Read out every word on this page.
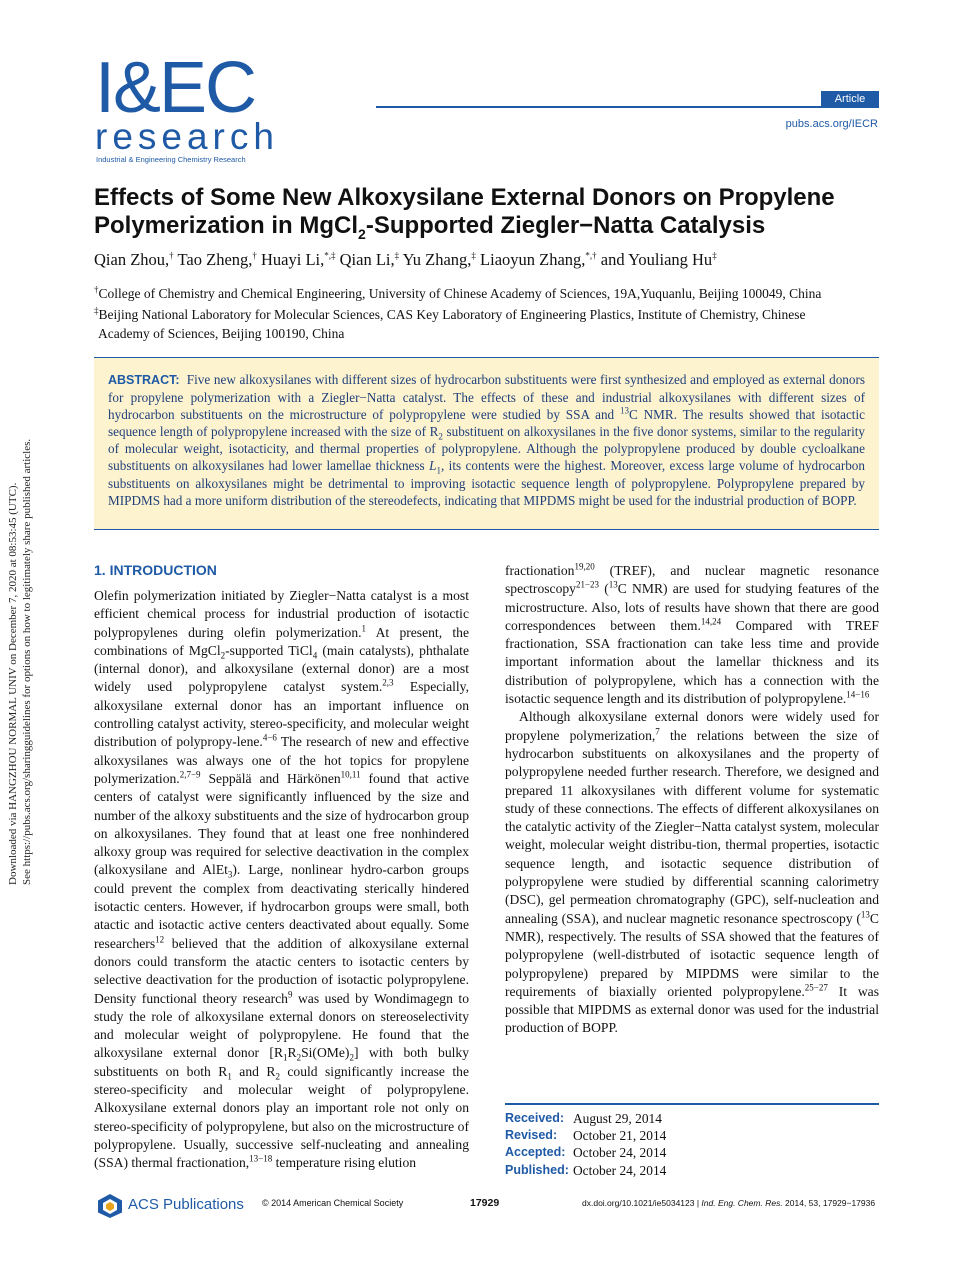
I&EC
research
Industrial & Engineering Chemistry Research
Article
pubs.acs.org/IECR
Effects of Some New Alkoxysilane External Donors on Propylene
Polymerization in MgCl$_2$-Supported Ziegler−Natta Catalysis
Qian Zhou,† Tao Zheng,† Huayi Li,*,‡ Qian Li,‡ Yu Zhang,‡ Liaoyun Zhang,*,† and Youliang Hu‡
†College of Chemistry and Chemical Engineering, University of Chinese Academy of Sciences, 19A,Yuquanlu, Beijing 100049, China
‡Beijing National Laboratory for Molecular Sciences, CAS Key Laboratory of Engineering Plastics, Institute of Chemistry, Chinese
Academy of Sciences, Beijing 100190, China
ABSTRACT: Five new alkoxysilanes with different sizes of hydrocarbon substituents were first synthesized and employed as external donors for propylene polymerization with a Ziegler−Natta catalyst. The effects of these and industrial alkoxysilanes with different sizes of hydrocarbon substituents on the microstructure of polypropylene were studied by SSA and $^{13}$C NMR. The results showed that isotactic sequence length of polypropylene increased with the size of $R_2$ substituent on alkoxysilanes in the five donor systems, similar to the regularity of molecular weight, isotacticity, and thermal properties of polypropylene. Although the polypropylene produced by double cycloalkane substituents on alkoxysilanes had lower lamellae thickness $L_1$, its contents were the highest. Moreover, excess large volume of hydrocarbon substituents on alkoxysilanes might be detrimental to improving isotactic sequence length of polypropylene. Polypropylene prepared by MIPDMS had a more uniform distribution of the stereodefects, indicating that MIPDMS might be used for the industrial production of BOPP.
Downloaded via HANGZHOU NORMAL UNIV on December 7, 2020 at 08:53:45 (UTC). See https://pubs.acs.org/sharingguidelines for options on how to legitimately share published articles.	1. INTRODUCTION

Olefin polymerization initiated by Ziegler−Natta catalyst is a most efficient chemical process for industrial production of isotactic polypropylenes during olefin polymerization.$^1$ At present, the combinations of MgCl$_2$-supported TiCl$_4$ (main catalysts), phthalate (internal donor), and alkoxysilane (external donor) are a most widely used polypropylene catalyst system.$^{2,3}$ Especially, alkoxysilane external donor has an important influence on controlling catalyst activity, stereo-specificity, and molecular weight distribution of polypropy-lene.$^{4-6}$ The research of new and effective alkoxysilanes was always one of the hot topics for propylene polymerization.$^{2,7-9}$ Seppälä and Härkönen$^{10,11}$ found that active centers of catalyst were significantly influenced by the size and number of the alkoxy substituents and the size of hydrocarbon group on alkoxysilanes. They found that at least one free nonhindered alkoxy group was required for selective deactivation in the complex (alkoxysilane and AlEt$_3$). Large, nonlinear hydro-carbon groups could prevent the complex from deactivating sterically hindered isotactic centers. However, if hydrocarbon groups were small, both atactic and isotactic active centers deactivated about equally. Some researchers$^{12}$ believed that the addition of alkoxysilane external donors could transform the atactic centers to isotactic centers by selective deactivation for the production of isotactic polypropylene. Density functional theory research$^9$ was used by Wondimagegn to study the role of alkoxysilane external donors on stereoselectivity and molecular weight of polypropylene. He found that the alkoxysilane external donor $[R_1R_2Si(OMe)_2]$ with both bulky substituents on both $R_1$ and $R_2$ could significantly increase the stereo-specificity and molecular weight of polypropylene. Alkoxysilane external donors play an important role not only on stereo-specificity of polypropylene, but also on the microstructure of polypropylene. Usually, successive self-nucleating and annealing (SSA) thermal fractionation,$^{13-18}$ temperature rising elution

fractionation$^{19,20}$ (TREF), and nuclear magnetic resonance spectroscopy$^{21-23}$ ($^{13}$C NMR) are used for studying features of the microstructure. Also, lots of results have shown that there are good correspondences between them.$^{14,24}$ Compared with TREF fractionation, SSA fractionation can take less time and provide important information about the lamellar thickness and its distribution of polypropylene, which has a connection with the isotactic sequence length and its distribution of polypropylene.$^{14-16}$

Although alkoxysilane external donors were widely used for propylene polymerization,$^7$ the relations between the size of hydrocarbon substituents on alkoxysilanes and the property of polypropylene needed further research. Therefore, we designed and prepared 11 alkoxysilanes with different volume for systematic study of these connections. The effects of different alkoxysilanes on the catalytic activity of the Ziegler−Natta catalyst system, molecular weight, molecular weight distribu-tion, thermal properties, isotactic sequence length, and isotactic sequence distribution of polypropylene were studied by differential scanning calorimetry (DSC), gel permeation chromatography (GPC), self-nucleation and annealing (SSA), and nuclear magnetic resonance spectroscopy ($^{13}$C NMR), respectively. The results of SSA showed that the features of polypropylene (well-distrbuted of isotactic sequence length of polypropylene) prepared by MIPDMS were similar to the requirements of biaxially oriented polypropylene.$^{25-27}$ It was possible that MIPDMS as external donor was used for the industrial production of BOPP.

Received: August 29, 2014
Revised:	October 21, 2014
Accepted: October 24, 2014
Published: October 24, 2014
ACS Publications © 2014 American Chemical Society	17929	dx.doi.org/10.1021/ie5034123 | Ind. Eng. Chem. Res. 2014, 53, 17929−17936
